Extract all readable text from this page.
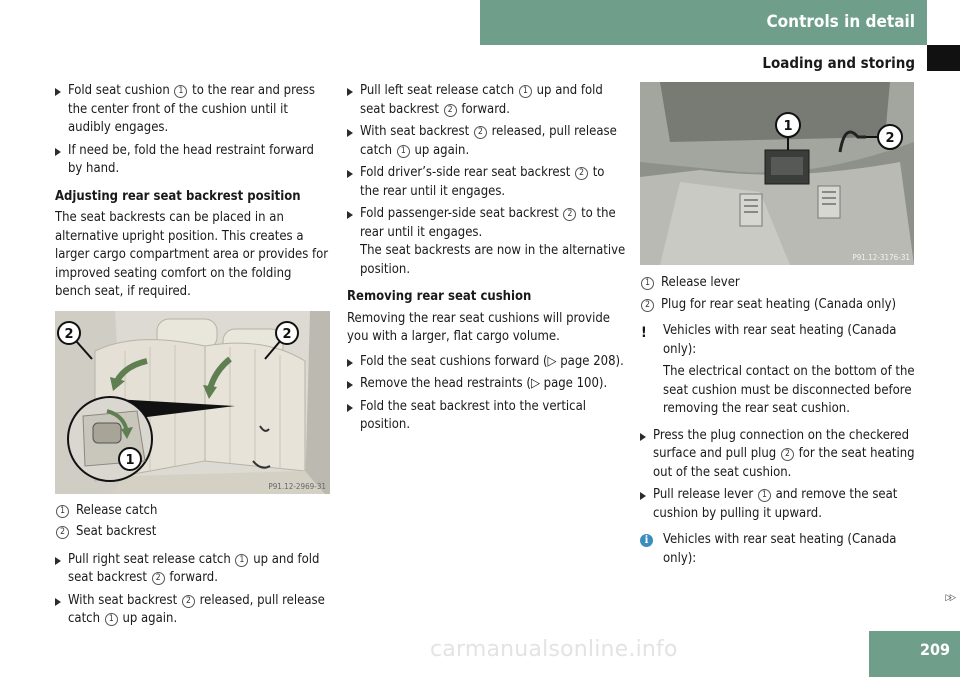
Controls in detail
Loading and storing
Fold seat cushion 1 to the rear and press the center front of the cushion until it audibly engages.
If need be, fold the head restraint forward by hand.
Adjusting rear seat backrest position
The seat backrests can be placed in an alternative upright position. This creates a larger cargo compartment area or provides for improved seating comfort on the folding bench seat, if required.
2	2
1
P91.12-2969-31
1 Release catch
2 Seat backrest
Pull right seat release catch 1 up and fold seat backrest 2 forward.
With seat backrest 2 released, pull release catch 1 up again.
Pull left seat release catch 1 up and fold seat backrest 2 forward.
With seat backrest 2 released, pull release catch 1 up again.
Fold driver’s-side rear seat backrest 2 to the rear until it engages.
Fold passenger-side seat backrest 2 to the rear until it engages.
The seat backrests are now in the alternative position.
Removing rear seat cushion
Removing the rear seat cushions will provide you with a larger, flat cargo volume.
Fold the seat cushions forward (▷ page 208).
Remove the head restraints (▷ page 100).
Fold the seat backrest into the vertical position.
1
2
P91.12-3176-31
1 Release lever
2 Plug for rear seat heating (Canada only)
! Vehicles with rear seat heating (Canada only):
The electrical contact on the bottom of the seat cushion must be disconnected before removing the rear seat cushion.
Press the plug connection on the checkered surface and pull plug 2 for the seat heating out of the seat cushion.
Pull release lever 1 and remove the seat cushion by pulling it upward.
i	Vehicles with rear seat heating (Canada only):
▷▷
carmanualsonline.info	209
